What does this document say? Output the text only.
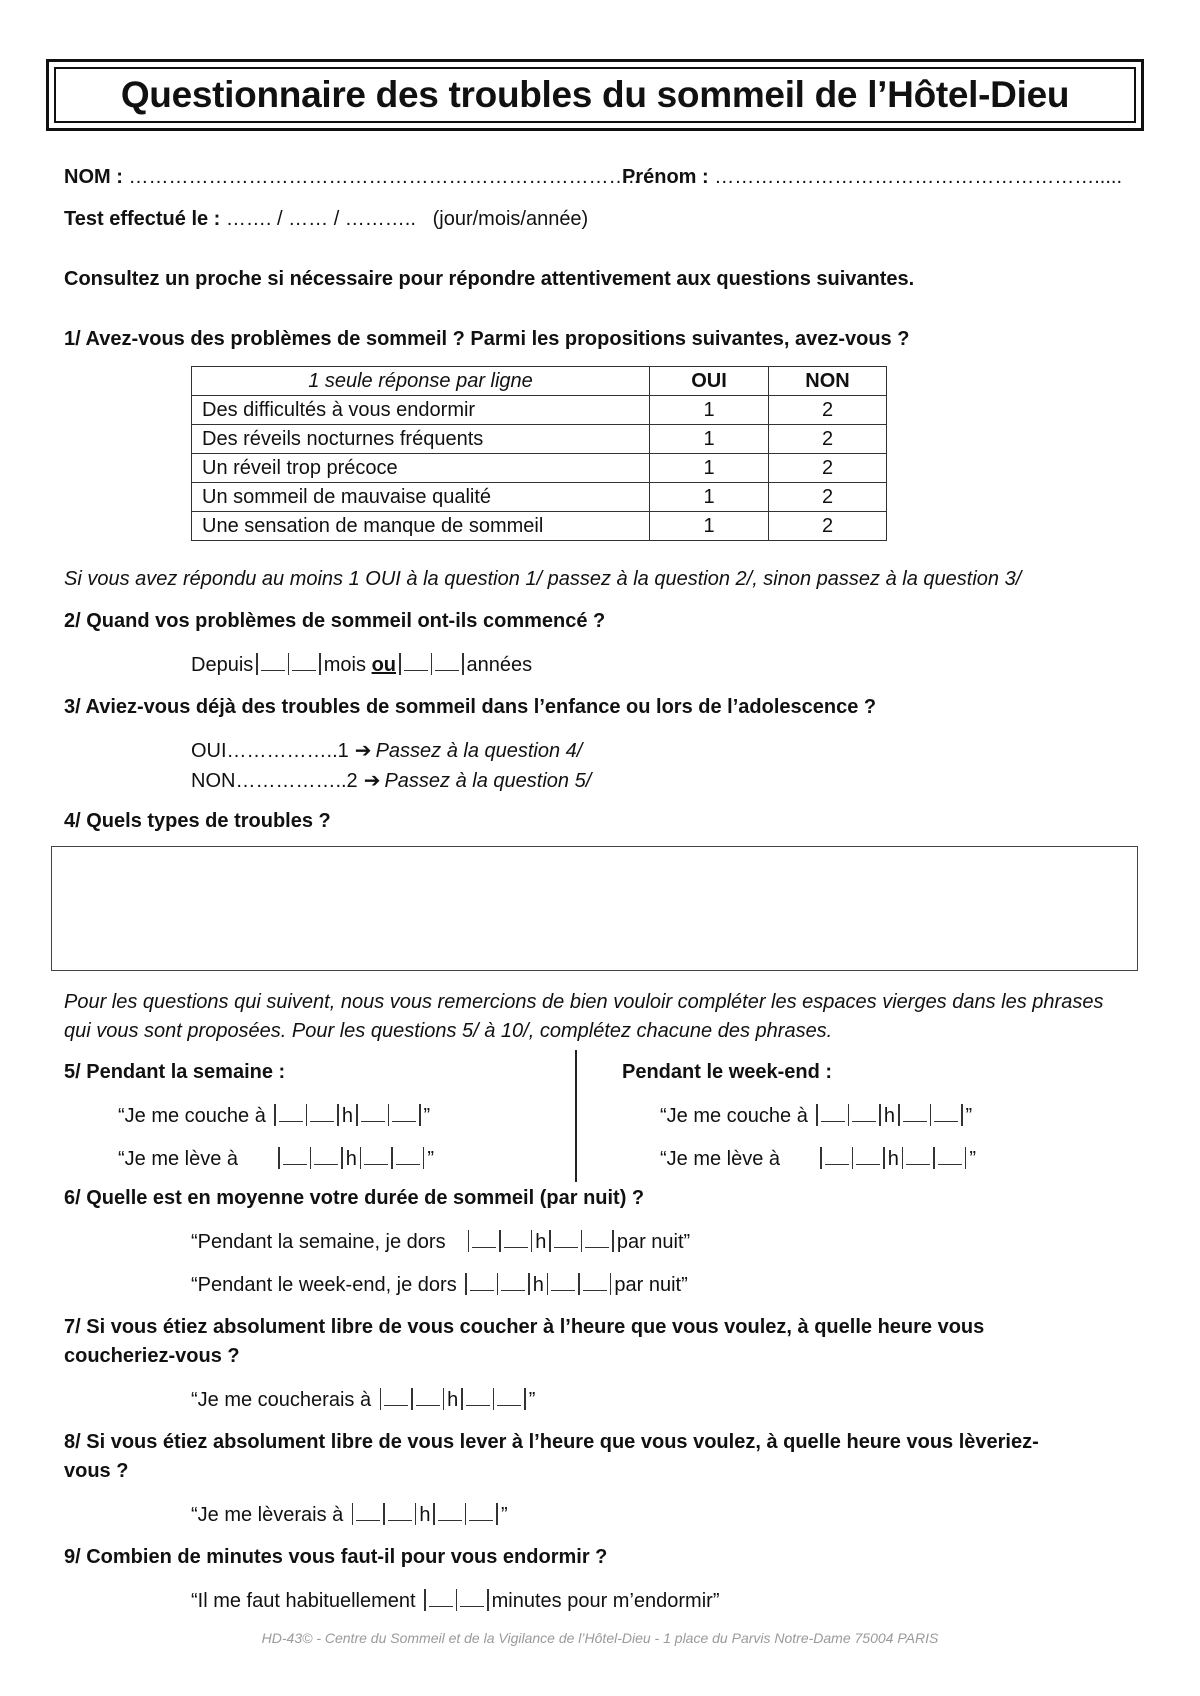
Questionnaire des troubles du sommeil de l’Hôtel-Dieu
NOM : …………………………………………………………………..
Prénom : ………………………………………………….....
Test effectué le : ……. / …… / ……….. (jour/mois/année)
Consultez un proche si nécessaire pour répondre attentivement aux questions suivantes.
1/ Avez-vous des problèmes de sommeil ? Parmi les propositions suivantes, avez-vous ?
1 seule réponse par ligne	OUI	NON
Des difficultés à vous endormir	1	2
Des réveils nocturnes fréquents	1	2
Un réveil trop précoce	1	2
Un sommeil de mauvaise qualité	1	2
Une sensation de manque de sommeil	1	2
Si vous avez répondu au moins 1 OUI à la question 1/ passez à la question 2/, sinon passez à la question 3/
2/ Quand vos problèmes de sommeil ont-ils commencé ?
Depuis	mois ou	années
3/ Aviez-vous déjà des troubles de sommeil dans l’enfance ou lors de l’adolescence ?
OUI……………..1 ➔ Passez à la question 4/
NON……………..2 ➔ Passez à la question 5/
4/ Quels types de troubles ?
Pour les questions qui suivent, nous vous remercions de bien vouloir compléter les espaces vierges dans les phrases qui vous sont proposées. Pour les questions 5/ à 10/, complétez chacune des phrases.
5/ Pendant la semaine :	Pendant le week-end :
“Je me couche à	h	”
“Je me lève à	h	”
“Je me couche à	h	”
“Je me lève à	h	”
6/ Quelle est en moyenne votre durée de sommeil (par nuit) ?
“Pendant la semaine, je dors	h	par nuit”
“Pendant le week-end, je dors	h	par nuit”
7/ Si vous étiez absolument libre de vous coucher à l’heure que vous voulez, à quelle heure vous
coucheriez-vous ?
“Je me coucherais à	h	”
8/ Si vous étiez absolument libre de vous lever à l’heure que vous voulez, à quelle heure vous lèveriez-
vous ?
“Je me lèverais à	h	”
9/ Combien de minutes vous faut-il pour vous endormir ?
“Il me faut habituellement	minutes pour m’endormir”
HD-43© - Centre du Sommeil et de la Vigilance de l’Hôtel-Dieu - 1 place du Parvis Notre-Dame 75004 PARIS
